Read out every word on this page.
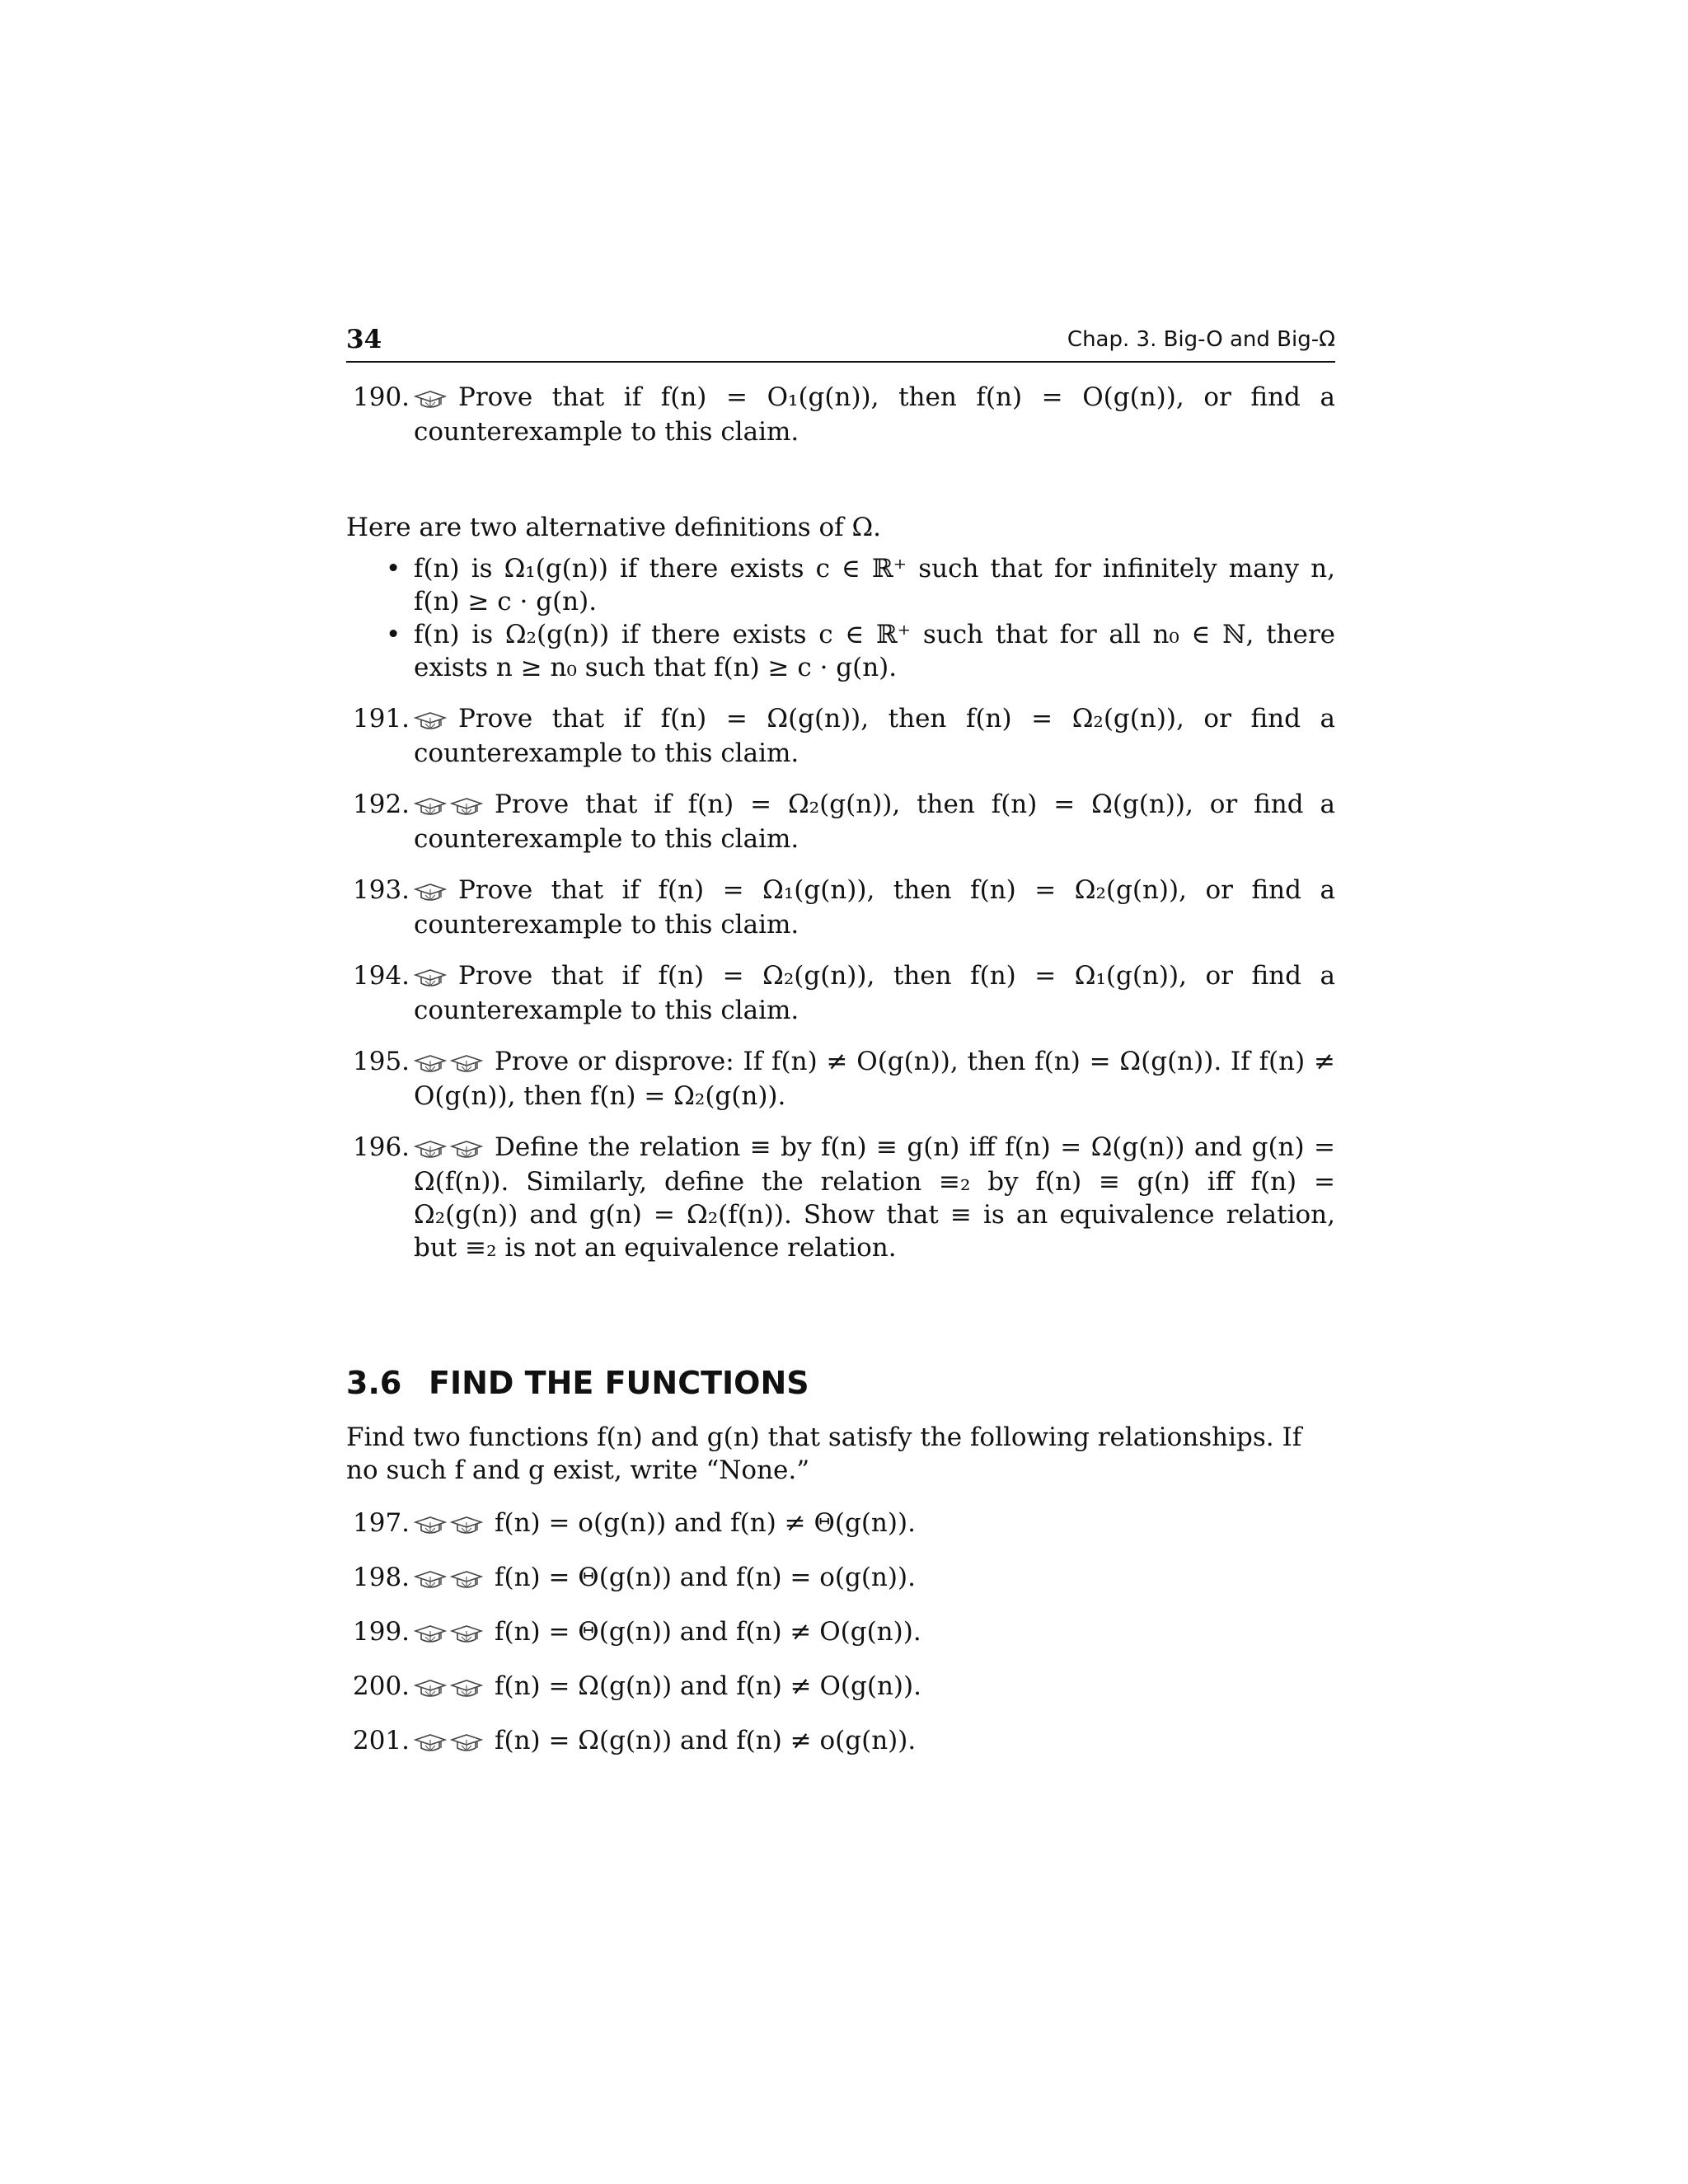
34	Chap. 3. Big-O and Big-Ω
190. Prove that if f(n) = O₁(g(n)), then f(n) = O(g(n)), or find a counterexample to this claim.
Here are two alternative definitions of Ω.
• f(n) is Ω₁(g(n)) if there exists c ∈ ℝ⁺ such that for infinitely many n, f(n) ≥ c · g(n).
• f(n) is Ω₂(g(n)) if there exists c ∈ ℝ⁺ such that for all n₀ ∈ ℕ, there exists n ≥ n₀ such that f(n) ≥ c · g(n).
191. Prove that if f(n) = Ω(g(n)), then f(n) = Ω₂(g(n)), or find a counterexample to this claim.
192.	Prove that if f(n) = Ω₂(g(n)), then f(n) = Ω(g(n)), or find a counterexample to this claim.
193. Prove that if f(n) = Ω₁(g(n)), then f(n) = Ω₂(g(n)), or find a counterexample to this claim.
194. Prove that if f(n) = Ω₂(g(n)), then f(n) = Ω₁(g(n)), or find a counterexample to this claim.
195.	Prove or disprove: If f(n) ≠ O(g(n)), then f(n) = Ω(g(n)). If f(n) ≠ O(g(n)), then f(n) = Ω₂(g(n)).
196.	Define the relation ≡ by f(n) ≡ g(n) iff f(n) = Ω(g(n)) and g(n) = Ω(f(n)). Similarly, define the relation ≡₂ by f(n) ≡ g(n) iff f(n) = Ω₂(g(n)) and g(n) = Ω₂(f(n)). Show that ≡ is an equivalence relation, but ≡₂ is not an equivalence relation.
3.6 FIND THE FUNCTIONS
Find two functions f(n) and g(n) that satisfy the following relationships. If no such f and g exist, write “None.”
197.	f(n) = o(g(n)) and f(n) ≠ Θ(g(n)).
198.	f(n) = Θ(g(n)) and f(n) = o(g(n)).
199.	f(n) = Θ(g(n)) and f(n) ≠ O(g(n)).
200.	f(n) = Ω(g(n)) and f(n) ≠ O(g(n)).
201.	f(n) = Ω(g(n)) and f(n) ≠ o(g(n)).
